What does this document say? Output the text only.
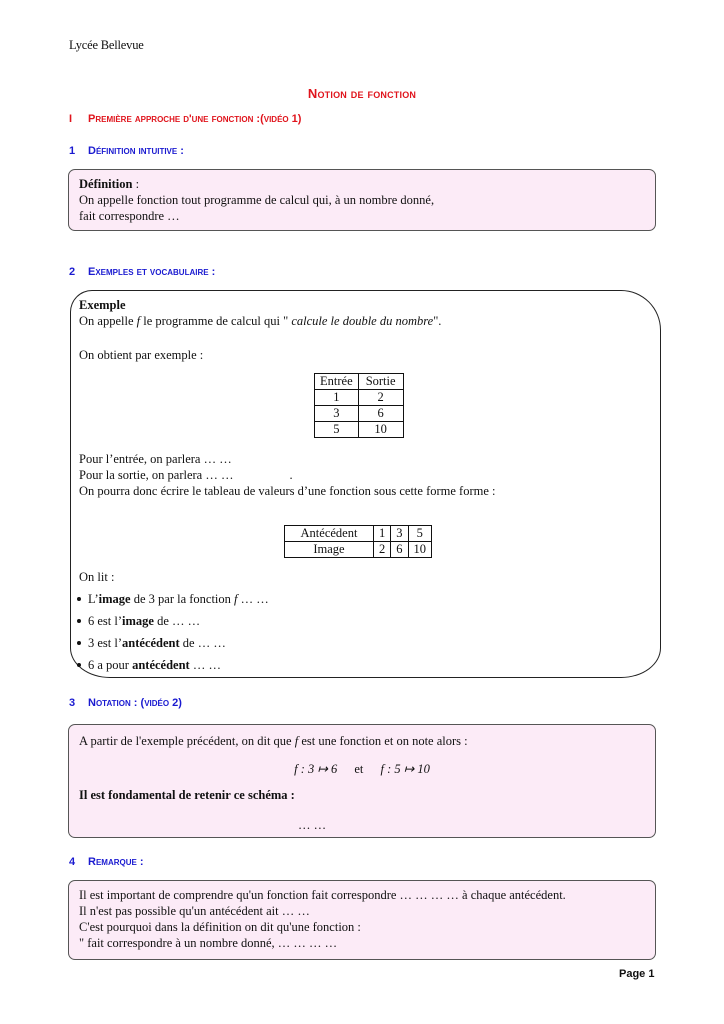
Lycée Bellevue
Notion de fonction
I Première approche d'une fonction :(vidéo 1)
1 Définition intuitive :
Définition :
On appelle fonction tout programme de calcul qui, à un nombre donné,
fait correspondre …
2 Exemples et vocabulaire :
Exemple
On appelle f le programme de calcul qui " calcule le double du nombre".
On obtient par exemple :
Entrée	Sortie
1	2
3	6
5	10
Pour l’entrée, on parlera … …
Pour la sortie, on parlera … …	.
On pourra donc écrire le tableau de valeurs d’une fonction sous cette forme forme :
Antécédent	1	3	5
Image	2	6	10
On lit :
L’image de 3 par la fonction f … …
6 est l’image de … …
3 est l’antécédent de … …
6 a pour antécédent … …
3 Notation : (vidéo 2)
A partir de l'exemple précédent, on dit que f est une fonction et on note alors :
f : 3 ↦ 6 et f : 5 ↦ 10
Il est fondamental de retenir ce schéma :
… …
4 Remarque :
Il est important de comprendre qu'un fonction fait correspondre … … … … à chaque antécédent.
Il n'est pas possible qu'un antécédent ait … …
C'est pourquoi dans la définition on dit qu'une fonction :
" fait correspondre à un nombre donné, … … … …
Page 1
